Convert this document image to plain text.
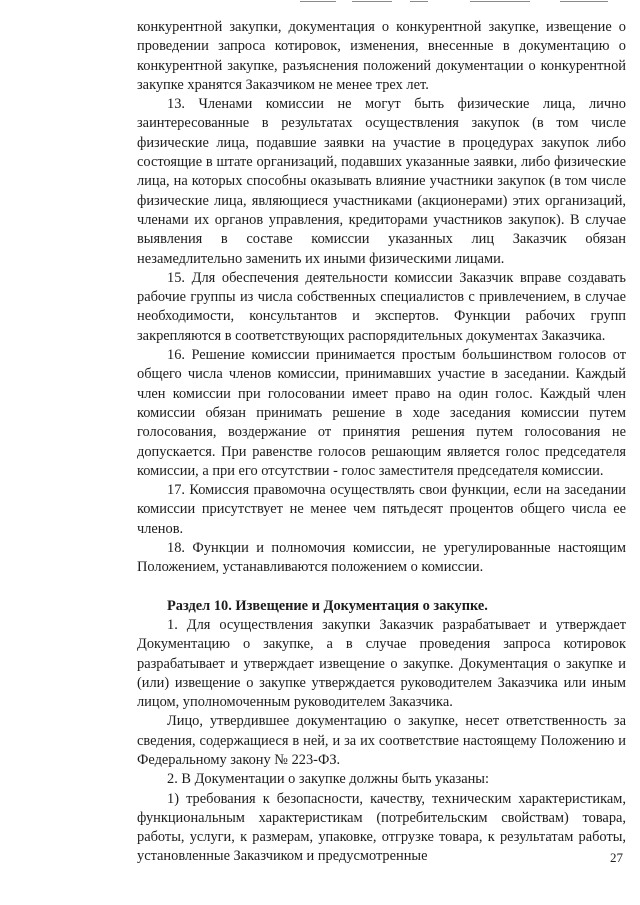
конкурентной закупки, документация о конкурентной закупке, извещение о проведении запроса котировок, изменения, внесенные в документацию о конкурентной закупке, разъяснения положений документации о конкурентной закупке хранятся Заказчиком не менее трех лет.

13. Членами комиссии не могут быть физические лица, лично заинтересованные в результатах осуществления закупок (в том числе физические лица, подавшие заявки на участие в процедурах закупок либо состоящие в штате организаций, подавших указанные заявки, либо физические лица, на которых способны оказывать влияние участники закупок (в том числе физические лица, являющиеся участниками (акционерами) этих организаций, членами их органов управления, кредиторами участников закупок). В случае выявления в составе комиссии указанных лиц Заказчик обязан незамедлительно заменить их иными физическими лицами.

15. Для обеспечения деятельности комиссии Заказчик вправе создавать рабочие группы из числа собственных специалистов с привлечением, в случае необходимости, консультантов и экспертов. Функции рабочих групп закрепляются в соответствующих распорядительных документах Заказчика.

16. Решение комиссии принимается простым большинством голосов от общего числа членов комиссии, принимавших участие в заседании. Каждый член комиссии при голосовании имеет право на один голос. Каждый член комиссии обязан принимать решение в ходе заседания комиссии путем голосования, воздержание от принятия решения путем голосования не допускается. При равенстве голосов решающим является голос председателя комиссии, а при его отсутствии - голос заместителя председателя комиссии.

17. Комиссия правомочна осуществлять свои функции, если на заседании комиссии присутствует не менее чем пятьдесят процентов общего числа ее членов.

18. Функции и полномочия комиссии, не урегулированные настоящим Положением, устанавливаются положением о комиссии.

Раздел 10. Извещение и Документация о закупке.

1. Для осуществления закупки Заказчик разрабатывает и утверждает Документацию о закупке, а в случае проведения запроса котировок разрабатывает и утверждает извещение о закупке. Документация о закупке и (или) извещение о закупке утверждается руководителем Заказчика или иным лицом, уполномоченным руководителем Заказчика.

Лицо, утвердившее документацию о закупке, несет ответственность за сведения, содержащиеся в ней, и за их соответствие настоящему Положению и Федеральному закону № 223-ФЗ.

2. В Документации о закупке должны быть указаны:

1) требования к безопасности, качеству, техническим характеристикам, функциональным характеристикам (потребительским свойствам) товара, работы, услуги, к размерам, упаковке, отгрузке товара, к результатам работы, установленные Заказчиком и предусмотренные	27
